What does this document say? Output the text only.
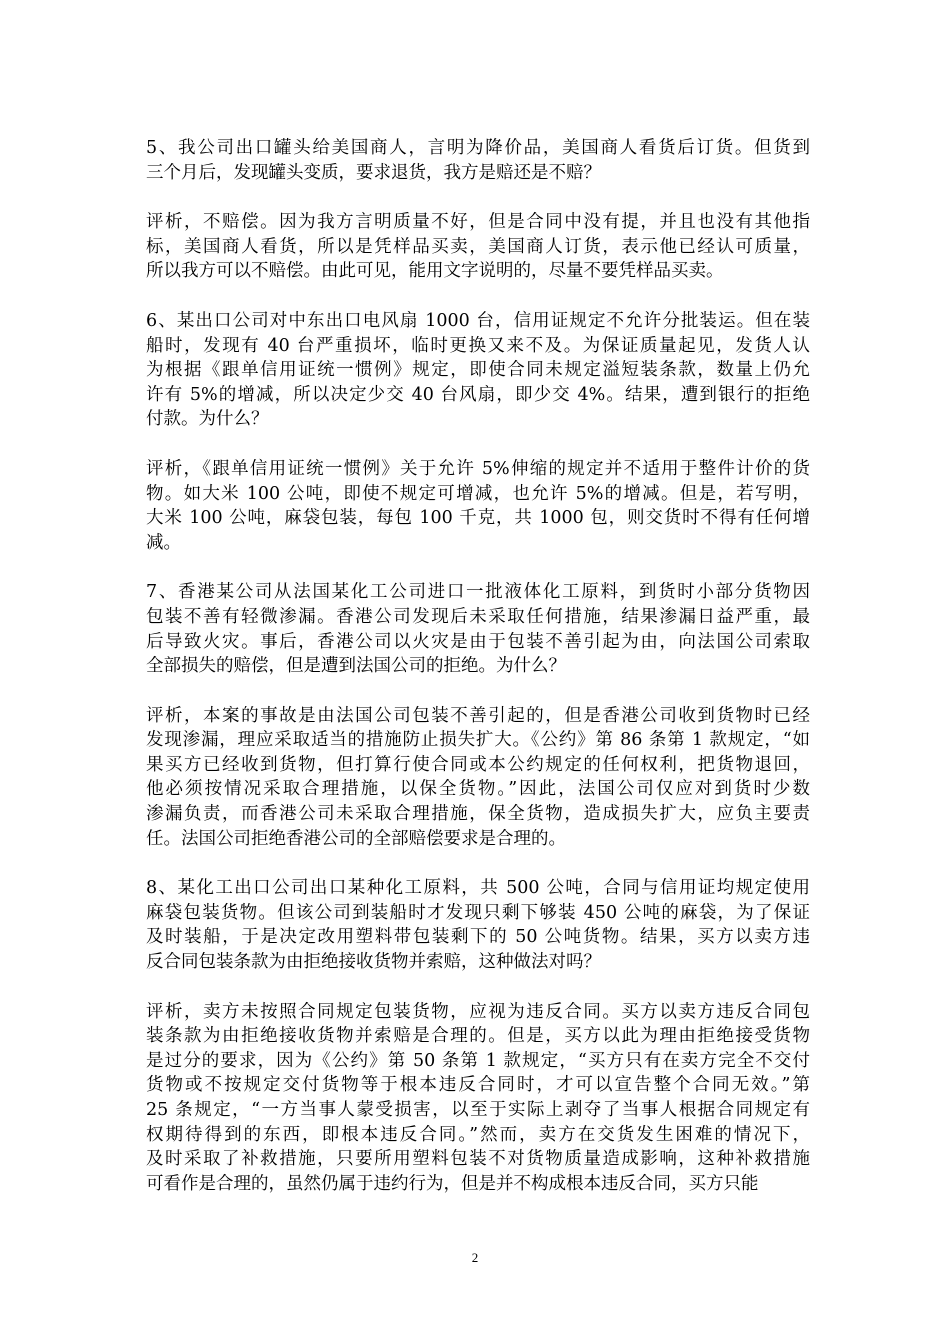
5、我公司出口罐头给美国商人，言明为降价品，美国商人看货后订货。但货到
三个月后，发现罐头变质，要求退货，我方是赔还是不赔？
评析，不赔偿。因为我方言明质量不好，但是合同中没有提，并且也没有其他指
标，美国商人看货，所以是凭样品买卖，美国商人订货，表示他已经认可质量，
所以我方可以不赔偿。由此可见，能用文字说明的，尽量不要凭样品买卖。
6、某出口公司对中东出口电风扇 1000 台，信用证规定不允许分批装运。但在装
船时，发现有 40 台严重损坏，临时更换又来不及。为保证质量起见，发货人认
为根据《跟单信用证统一惯例》规定，即使合同未规定溢短装条款，数量上仍允
许有 5%的增减，所以决定少交 40 台风扇，即少交 4%。结果，遭到银行的拒绝
付款。为什么？
评析，《跟单信用证统一惯例》关于允许 5%伸缩的规定并不适用于整件计价的货
物。如大米 100 公吨，即使不规定可增减，也允许 5%的增减。但是，若写明，
大米 100 公吨，麻袋包装，每包 100 千克，共 1000 包，则交货时不得有任何增
减。
7、香港某公司从法国某化工公司进口一批液体化工原料，到货时小部分货物因
包装不善有轻微渗漏。香港公司发现后未采取任何措施，结果渗漏日益严重，最
后导致火灾。事后，香港公司以火灾是由于包装不善引起为由，向法国公司索取
全部损失的赔偿，但是遭到法国公司的拒绝。为什么？
评析，本案的事故是由法国公司包装不善引起的，但是香港公司收到货物时已经
发现渗漏，理应采取适当的措施防止损失扩大。《公约》第 86 条第 1 款规定，“如
果买方已经收到货物，但打算行使合同或本公约规定的任何权利，把货物退回，
他必须按情况采取合理措施，以保全货物。”因此，法国公司仅应对到货时少数
渗漏负责，而香港公司未采取合理措施，保全货物，造成损失扩大，应负主要责
任。法国公司拒绝香港公司的全部赔偿要求是合理的。
8、某化工出口公司出口某种化工原料，共 500 公吨，合同与信用证均规定使用
麻袋包装货物。但该公司到装船时才发现只剩下够装 450 公吨的麻袋，为了保证
及时装船，于是决定改用塑料带包装剩下的 50 公吨货物。结果，买方以卖方违
反合同包装条款为由拒绝接收货物并索赔，这种做法对吗？
评析，卖方未按照合同规定包装货物，应视为违反合同。买方以卖方违反合同包
装条款为由拒绝接收货物并索赔是合理的。但是，买方以此为理由拒绝接受货物
是过分的要求，因为《公约》第 50 条第 1 款规定，“买方只有在卖方完全不交付
货物或不按规定交付货物等于根本违反合同时，才可以宣告整个合同无效。”第
25 条规定，“一方当事人蒙受损害，以至于实际上剥夺了当事人根据合同规定有
权期待得到的东西，即根本违反合同。”然而，卖方在交货发生困难的情况下，
及时采取了补救措施，只要所用塑料包装不对货物质量造成影响，这种补救措施
可看作是合理的，虽然仍属于违约行为，但是并不构成根本违反合同，买方只能
2
